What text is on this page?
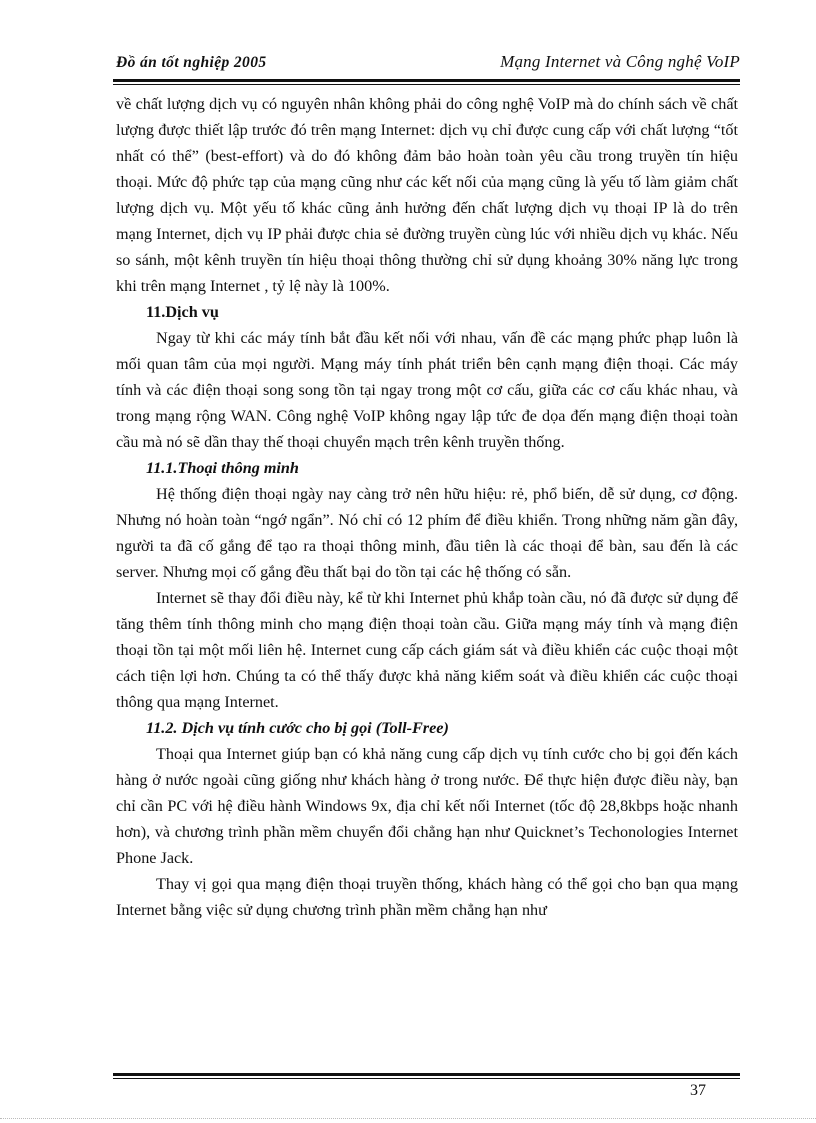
Đồ án tốt nghiệp 2005	Mạng Internet và Công nghệ VoIP

về chất lượng dịch vụ có nguyên nhân không phải do công nghệ VoIP mà do chính sách về chất lượng được thiết lập trước đó trên mạng Internet: dịch vụ chỉ được cung cấp với chất lượng “tốt nhất có thể” (best-effort) và do đó không đảm bảo hoàn toàn yêu cầu trong truyền tín hiệu thoại. Mức độ phức tạp của mạng cũng như các kết nối của mạng cũng là yếu tố làm giảm chất lượng dịch vụ. Một yếu tố khác cũng ảnh hưởng đến chất lượng dịch vụ thoại IP là do trên mạng Internet, dịch vụ IP phải được chia sẻ đường truyền cùng lúc với nhiều dịch vụ khác. Nếu so sánh, một kênh truyền tín hiệu thoại thông thường chỉ sử dụng khoảng 30% năng lực trong khi trên mạng Internet , tỷ lệ này là 100%.

11.Dịch vụ

Ngay từ khi các máy tính bắt đầu kết nối với nhau, vấn đề các mạng phức phạp luôn là mối quan tâm của mọi người. Mạng máy tính phát triển bên cạnh mạng điện thoại. Các máy tính và các điện thoại song song tồn tại ngay trong một cơ cấu, giữa các cơ cấu khác nhau, và trong mạng rộng WAN. Công nghệ VoIP không ngay lập tức đe dọa đến mạng điện thoại toàn cầu mà nó sẽ dần thay thế thoại chuyển mạch trên kênh truyền thống.

11.1.Thoại thông minh

Hệ thống điện thoại ngày nay càng trở nên hữu hiệu: rẻ, phổ biến, dễ sử dụng, cơ động. Nhưng nó hoàn toàn “ngớ ngẩn”. Nó chỉ có 12 phím để điều khiển. Trong những năm gần đây, người ta đã cố gắng để tạo ra thoại thông minh, đầu tiên là các thoại để bàn, sau đến là các server. Nhưng mọi cố gắng đều thất bại do tồn tại các hệ thống có sẵn.

Internet sẽ thay đổi điều này, kể từ khi Internet phủ khắp toàn cầu, nó đã được sử dụng để tăng thêm tính thông minh cho mạng điện thoại toàn cầu. Giữa mạng máy tính và mạng điện thoại tồn tại một mối liên hệ. Internet cung cấp cách giám sát và điều khiển các cuộc thoại một cách tiện lợi hơn. Chúng ta có thể thấy được khả năng kiểm soát và điều khiển các cuộc thoại thông qua mạng Internet.

11.2. Dịch vụ tính cước cho bị gọi (Toll-Free)

Thoại qua Internet giúp bạn có khả năng cung cấp dịch vụ tính cước cho bị gọi đến kách hàng ở nước ngoài cũng giống như khách hàng ở trong nước. Để thực hiện được điều này, bạn chỉ cần PC với hệ điều hành Windows 9x, địa chỉ kết nối Internet (tốc độ 28,8kbps hoặc nhanh hơn), và chương trình phần mềm chuyển đổi chẳng hạn như Quicknet’s Techonologies Internet Phone Jack.

Thay vị gọi qua mạng điện thoại truyền thống, khách hàng có thể gọi cho bạn qua mạng Internet bằng việc sử dụng chương trình phần mềm chẳng hạn như

37
